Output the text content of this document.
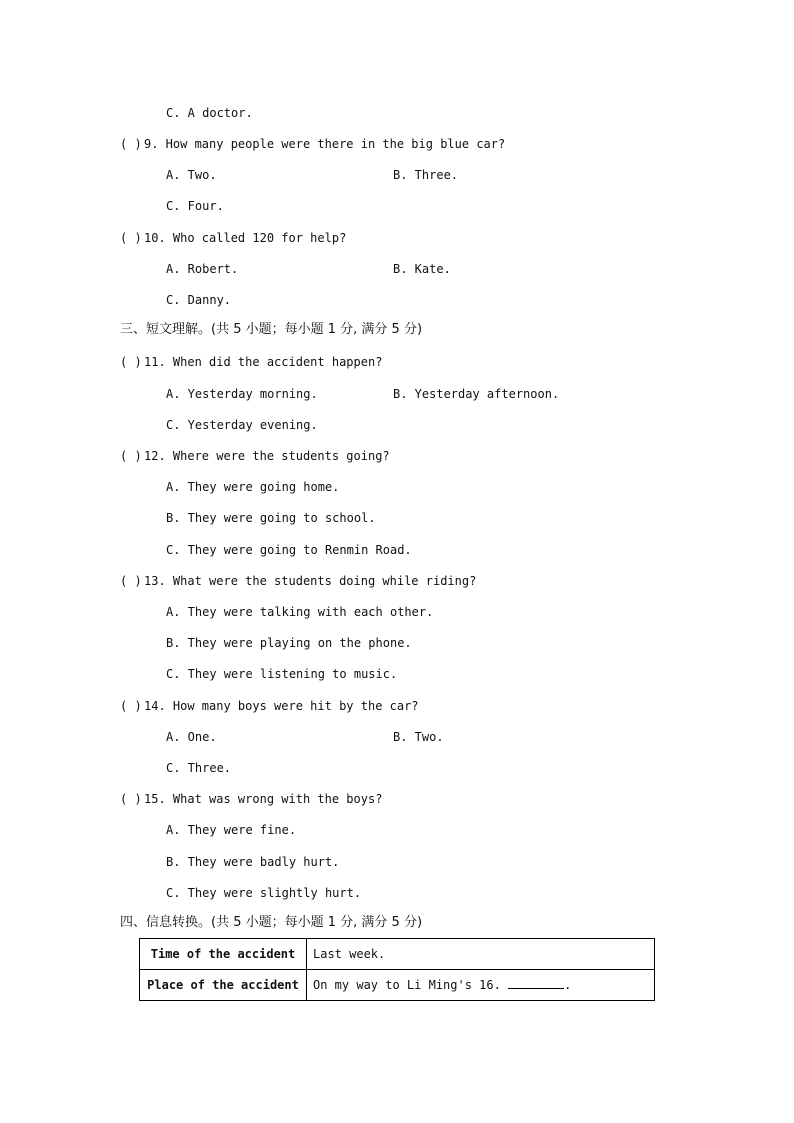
C. A doctor.
( ) 9. How many people were there in the big blue car?
A. Two.	B. Three.
C. Four.
( ) 10. Who called 120 for help?
A. Robert.	B. Kate.
C. Danny.
三、短文理解。(共 5 小题；每小题 1 分, 满分 5 分)
( ) 11. When did the accident happen?
A. Yesterday morning.	B. Yesterday afternoon.
C. Yesterday evening.
( ) 12. Where were the students going?
A. They were going home.
B. They were going to school.
C. They were going to Renmin Road.
( ) 13. What were the students doing while riding?
A. They were talking with each other.
B. They were playing on the phone.
C. They were listening to music.
( ) 14. How many boys were hit by the car?
A. One.	B. Two.
C. Three.
( ) 15. What was wrong with the boys?
A. They were fine.
B. They were badly hurt.
C. They were slightly hurt.
四、信息转换。(共 5 小题；每小题 1 分, 满分 5 分)
Time of the accident	Last week.
Place of the accident	On my way to Li Ming's 16. .
